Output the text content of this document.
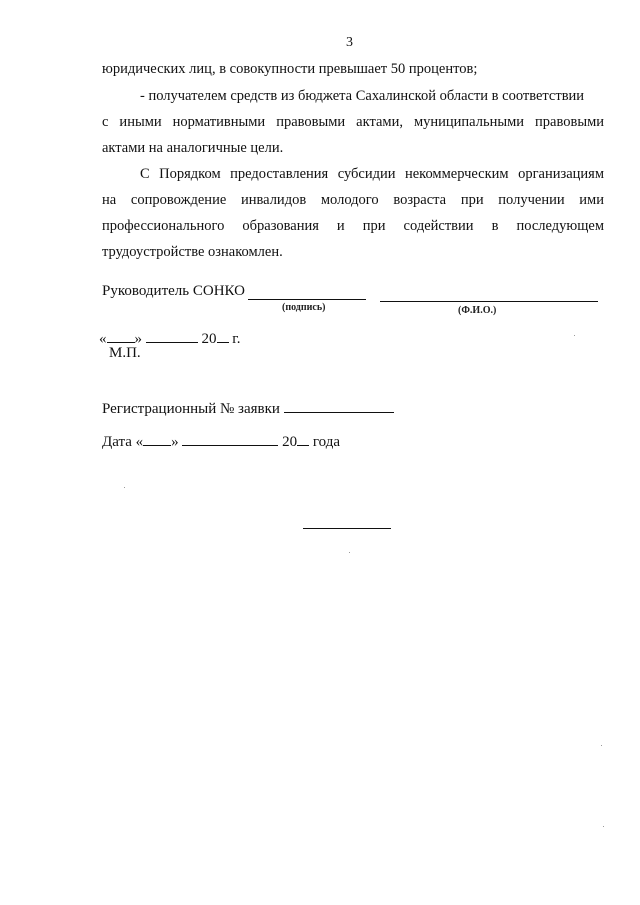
3
юридических лиц, в совокупности превышает 50 процентов;
- получателем средств из бюджета Сахалинской области в соответствии
с иными нормативными правовыми актами, муниципальными правовыми
актами на аналогичные цели.
С Порядком предоставления субсидии некоммерческим организациям
на сопровождение инвалидов молодого возраста при получении ими
профессионального образования и при содействии в последующем
трудоустройстве ознакомлен.
Руководитель СОНКО
(подпись)	(Ф.И.О.)
« »	20 г.
М.П.
Регистрационный № заявки
Дата « »	20 года
